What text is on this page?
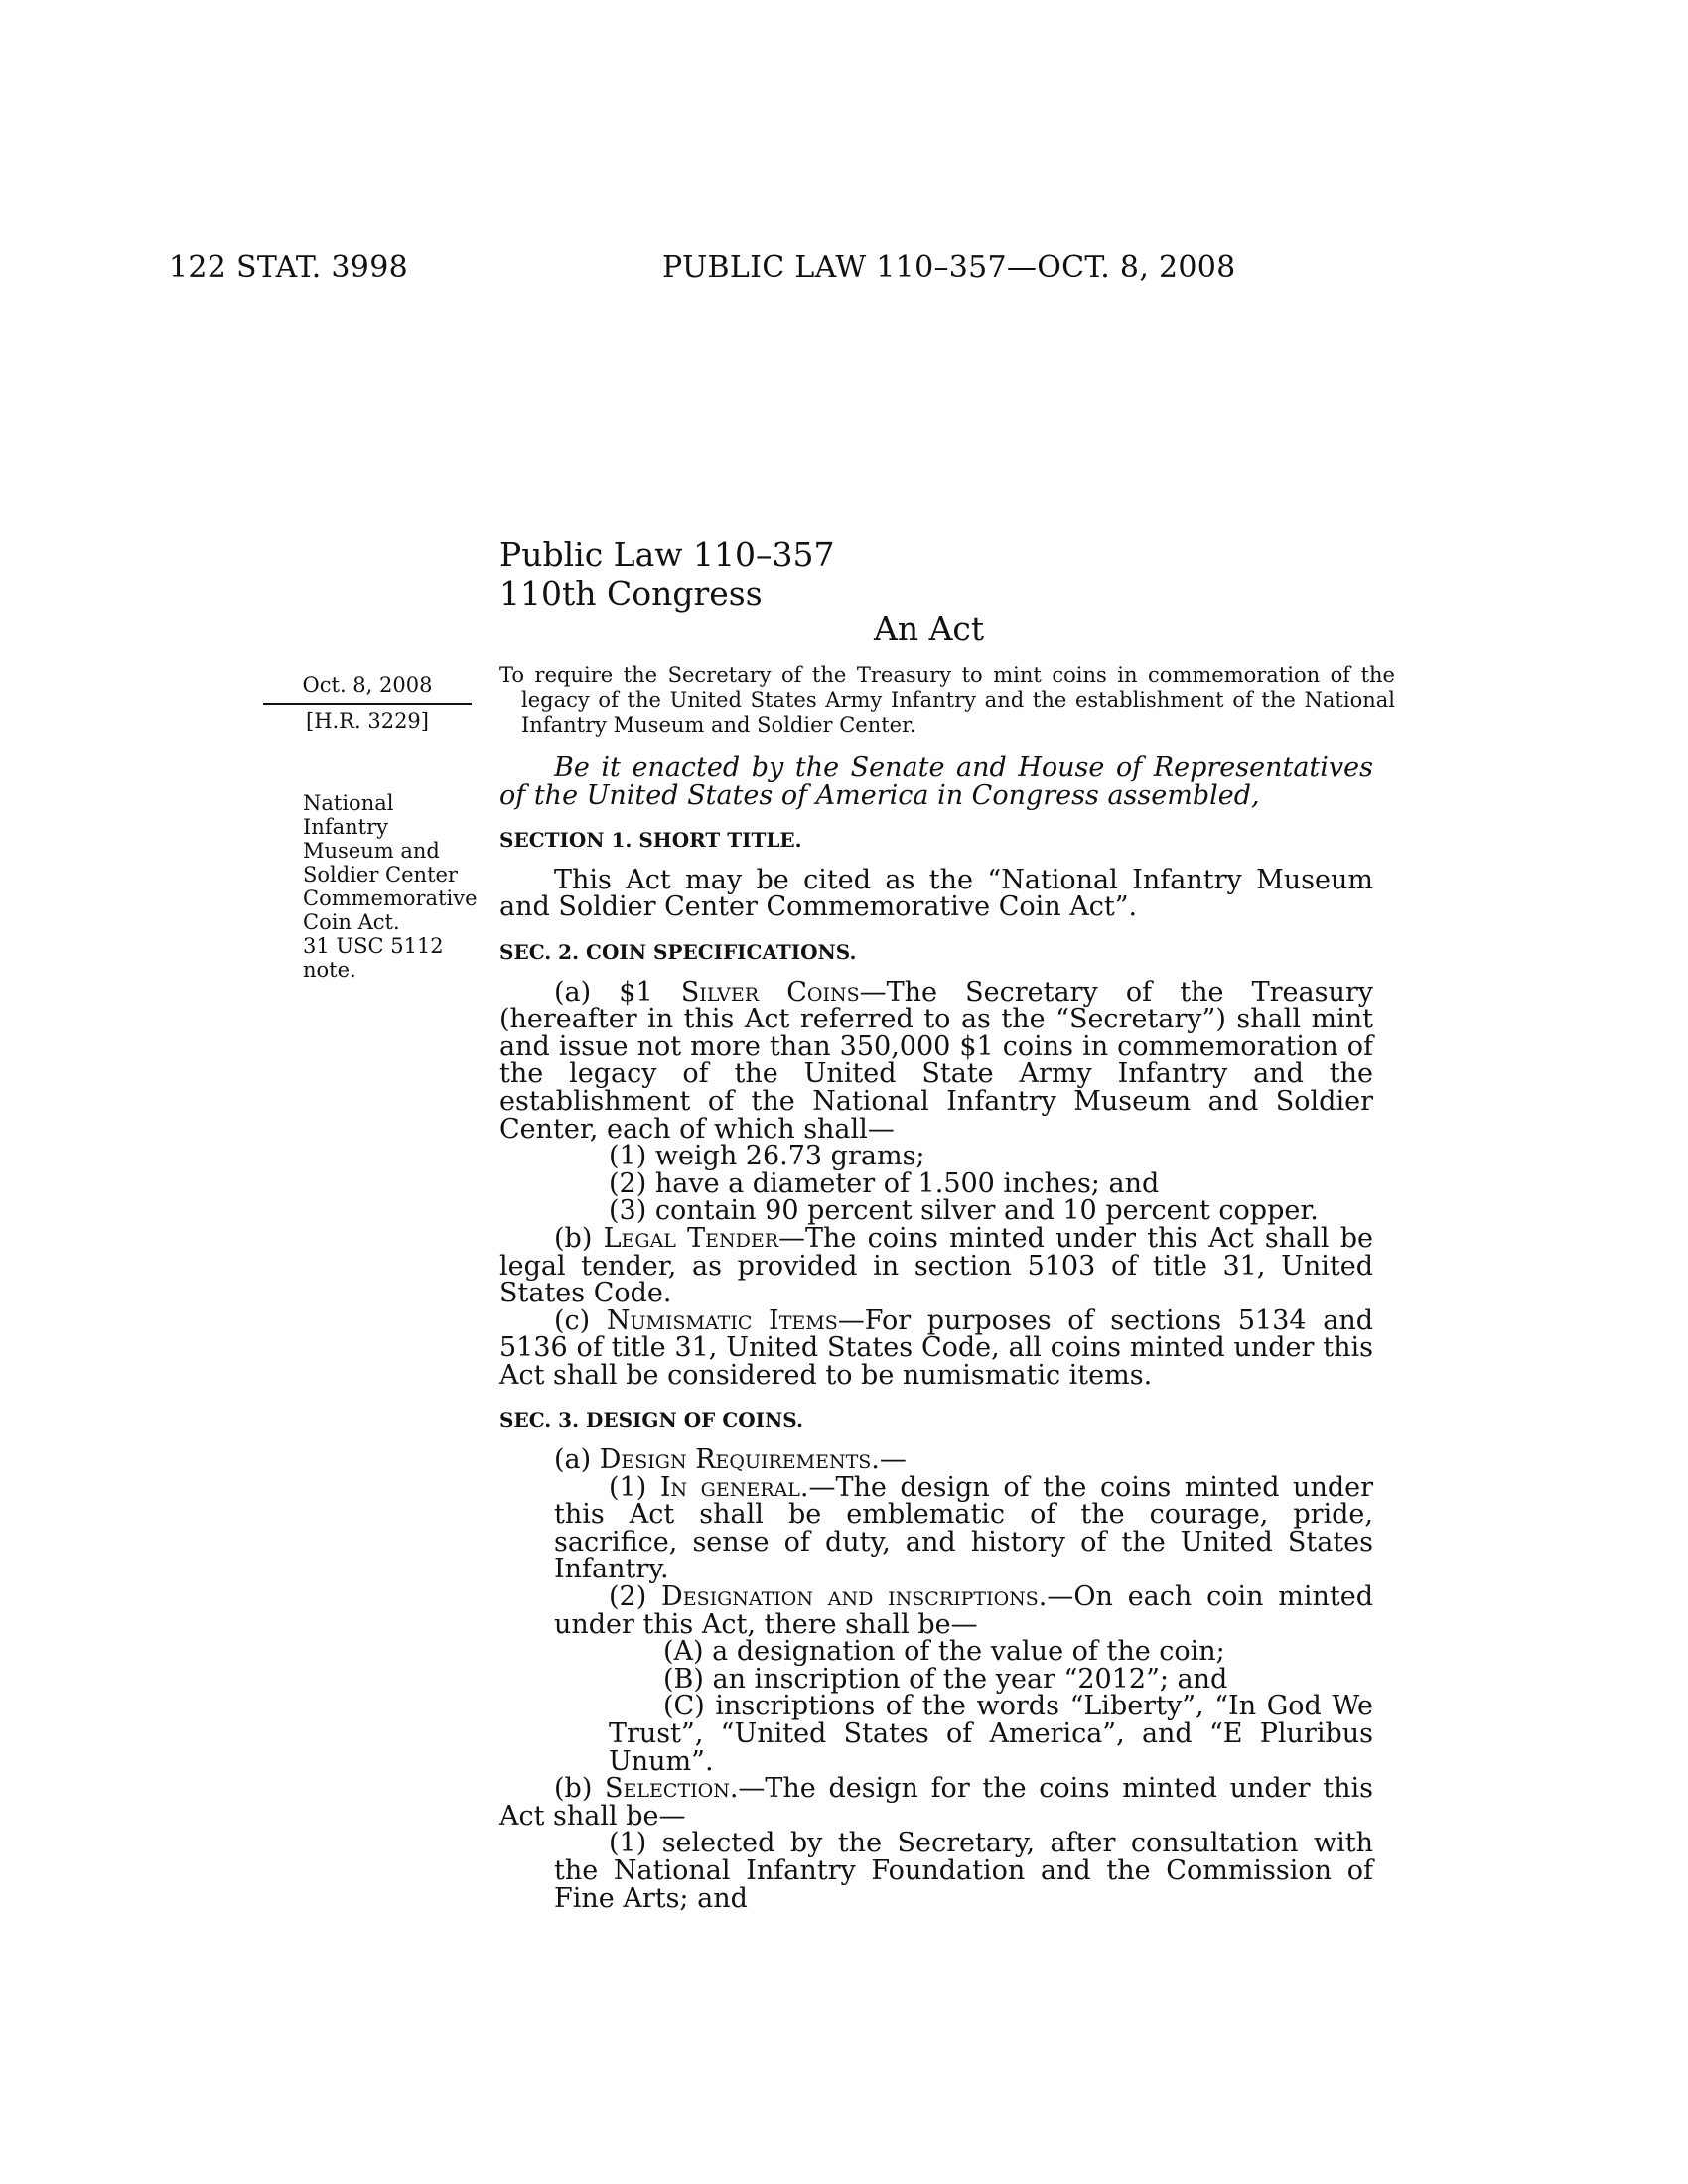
122 STAT. 3998	PUBLIC LAW 110–357—OCT. 8, 2008
Public Law 110–357
110th Congress
An Act
Oct. 8, 2008
[H.R. 3229]
National Infantry Museum and Soldier Center Commemorative Coin Act.
31 USC 5112 note.
To require the Secretary of the Treasury to mint coins in commemoration of the legacy of the United States Army Infantry and the establishment of the National Infantry Museum and Soldier Center.

Be it enacted by the Senate and House of Representatives of the United States of America in Congress assembled,

SECTION 1. SHORT TITLE.

This Act may be cited as the “National Infantry Museum and Soldier Center Commemorative Coin Act”.

SEC. 2. COIN SPECIFICATIONS.

(a) $1 Silver Coins—The Secretary of the Treasury (hereafter in this Act referred to as the “Secretary”) shall mint and issue not more than 350,000 $1 coins in commemoration of the legacy of the United State Army Infantry and the establishment of the National Infantry Museum and Soldier Center, each of which shall—

(1) weigh 26.73 grams;

(2) have a diameter of 1.500 inches; and

(3) contain 90 percent silver and 10 percent copper.

(b) Legal Tender—The coins minted under this Act shall be legal tender, as provided in section 5103 of title 31, United States Code.

(c) Numismatic Items—For purposes of sections 5134 and 5136 of title 31, United States Code, all coins minted under this Act shall be considered to be numismatic items.

SEC. 3. DESIGN OF COINS.

(a) Design Requirements.—

(1) In general.—The design of the coins minted under this Act shall be emblematic of the courage, pride, sacrifice, sense of duty, and history of the United States Infantry.

(2) Designation and inscriptions.—On each coin minted under this Act, there shall be—

(A) a designation of the value of the coin;

(B) an inscription of the year “2012”; and

(C) inscriptions of the words “Liberty”, “In God We Trust”, “United States of America”, and “E Pluribus Unum”.

(b) Selection.—The design for the coins minted under this Act shall be—

(1) selected by the Secretary, after consultation with the National Infantry Foundation and the Commission of Fine Arts; and
